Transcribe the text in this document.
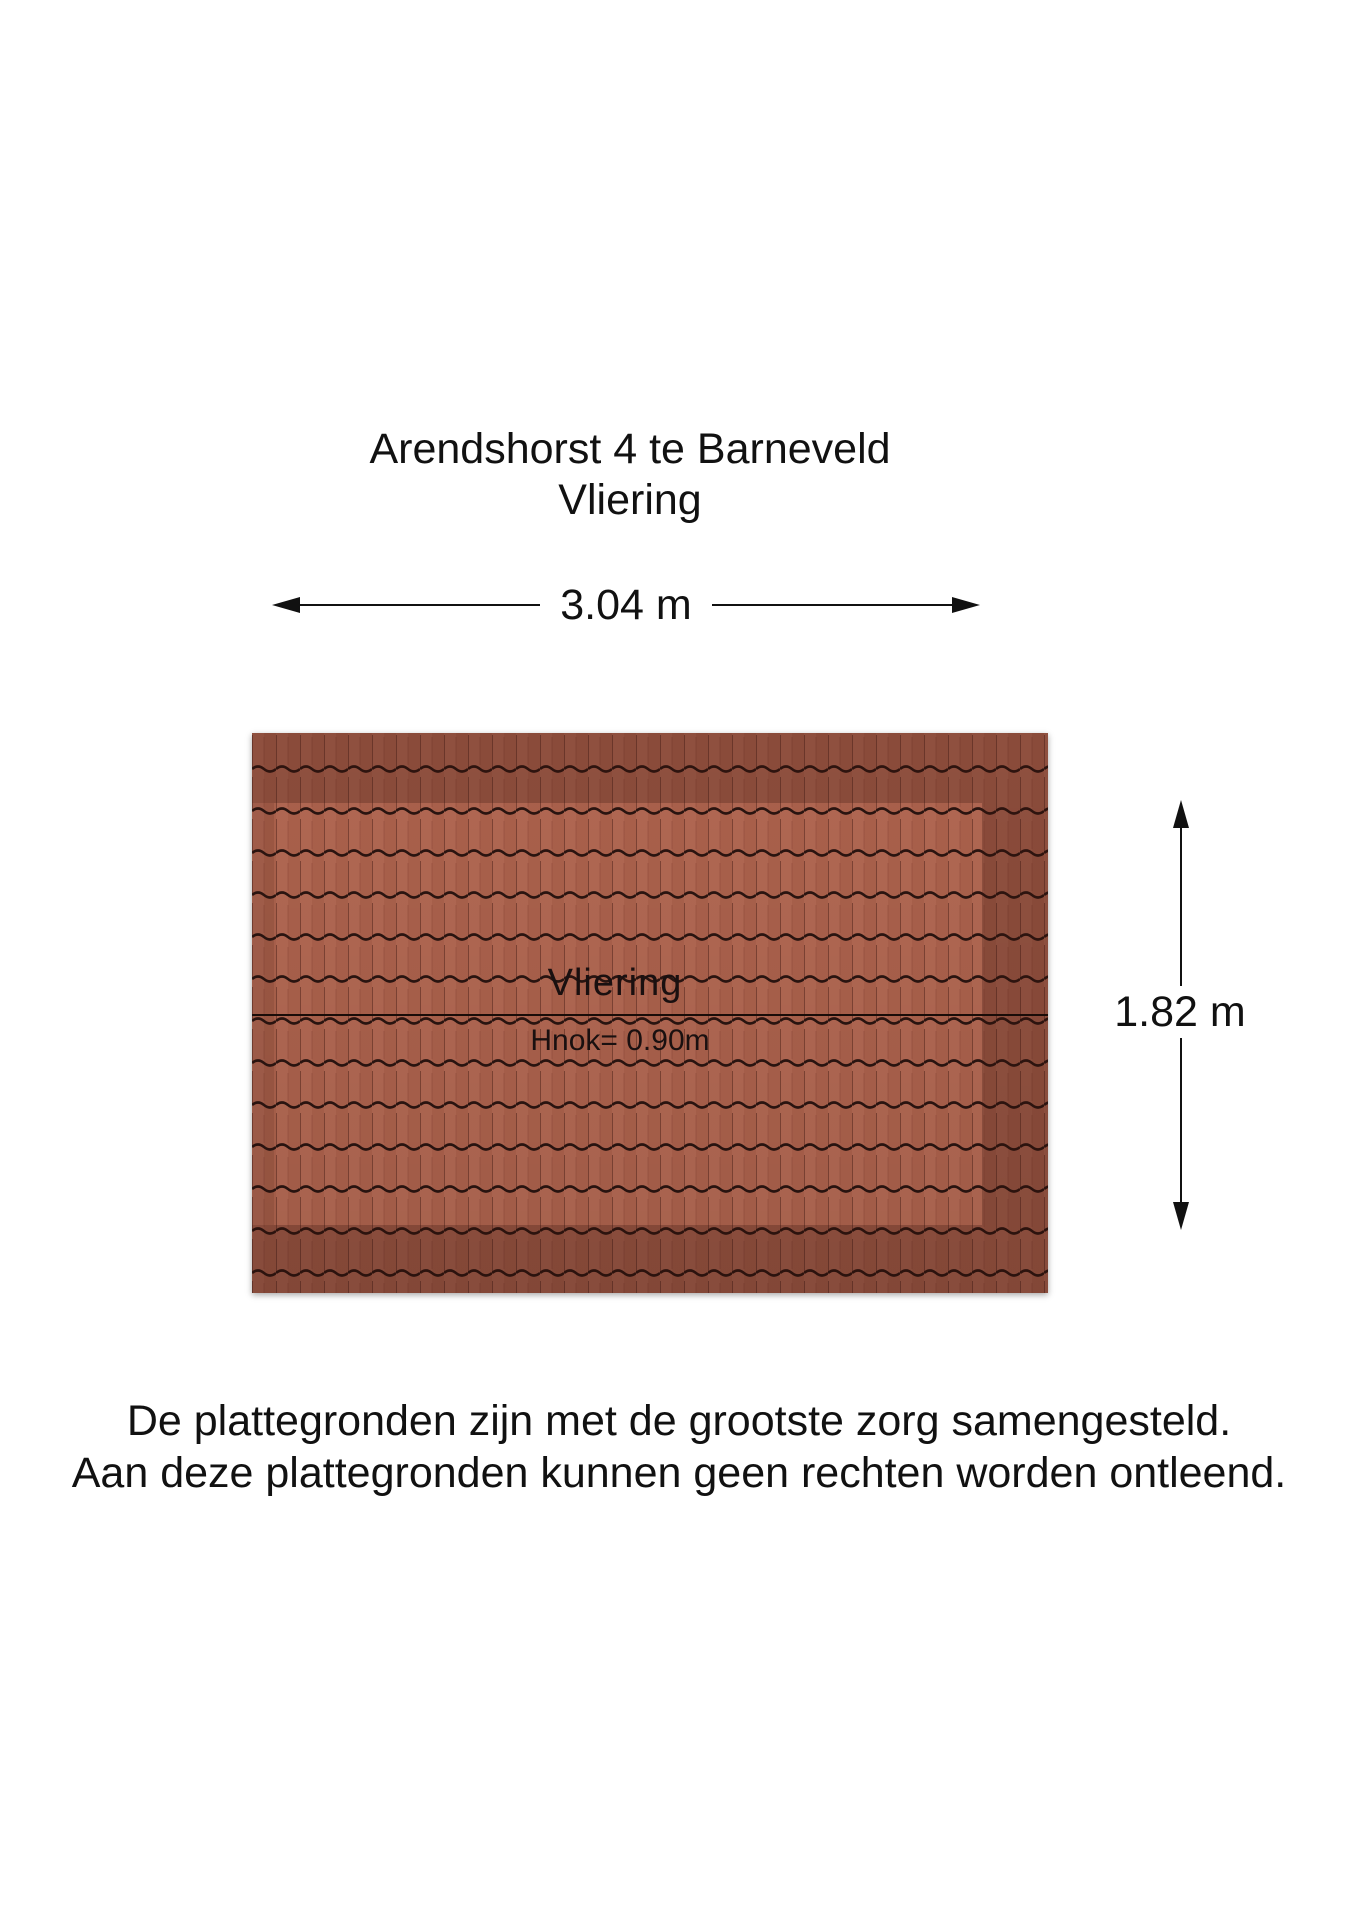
Arendshorst 4 te Barneveld
Vliering
3.04 m
1.82 m
Vliering
Hnok= 0.90m
De plattegronden zijn met de grootste zorg samengesteld.
Aan deze plattegronden kunnen geen rechten worden ontleend.
